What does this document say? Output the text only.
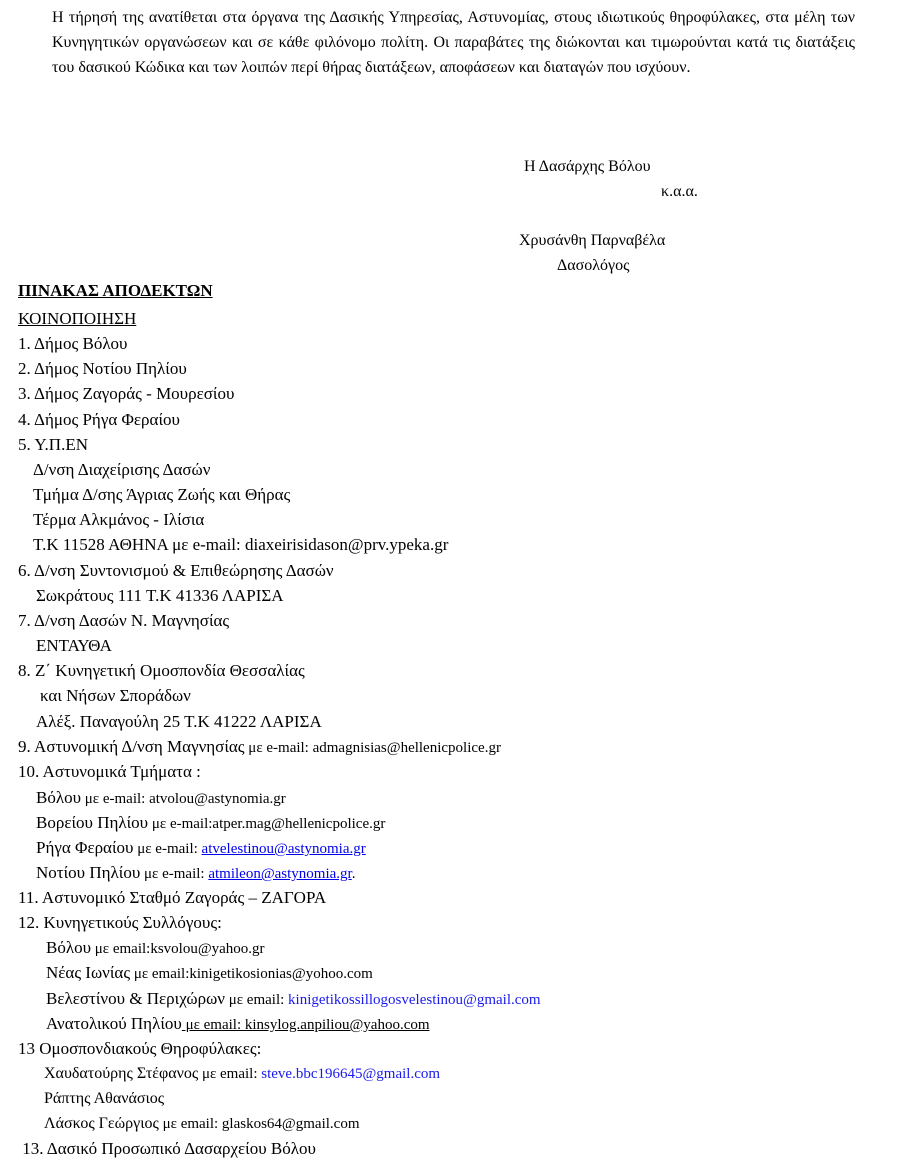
Η τήρησή της ανατίθεται στα όργανα της Δασικής Υπηρεσίας, Αστυνομίας, στους ιδιωτικούς θηροφύλακες, στα μέλη των Κυνηγητικών οργανώσεων και σε κάθε φιλόνομο πολίτη. Οι παραβάτες της διώκονται και τιμωρούνται κατά τις διατάξεις του δασικού Κώδικα και των λοιπών περί θήρας διατάξεων, αποφάσεων και διαταγών που ισχύουν.

Η Δασάρχης Βόλου
κ.α.α.
Χρυσάνθη Παρναβέλα
Δασολόγος
ΠΙΝΑΚΑΣ ΑΠΟΔΕΚΤΩΝ
ΚΟΙΝΟΠΟΙΗΣΗ
1. Δήμος Βόλου
2. Δήμος Νοτίου Πηλίου
3. Δήμος Ζαγοράς - Μουρεσίου
4. Δήμος Ρήγα Φεραίου
5. Υ.Π.ΕΝ
Δ/νση Διαχείρισης Δασών
Τμήμα Δ/σης Άγριας Ζωής και Θήρας
Τέρμα Αλκμάνος - Ιλίσια
Τ.Κ 11528 ΑΘΗΝΑ με e-mail: diaxeirisidason@prv.ypeka.gr
6. Δ/νση Συντονισμού & Επιθεώρησης Δασών
Σωκράτους 111 Τ.Κ 41336 ΛΑΡΙΣΑ
7. Δ/νση Δασών Ν. Μαγνησίας
ΕΝΤΑΥΘΑ
8. Ζ΄ Κυνηγετική Ομοσπονδία Θεσσαλίας
και Νήσων Σποράδων
Αλέξ. Παναγούλη 25 Τ.Κ 41222 ΛΑΡΙΣΑ
9. Αστυνομική Δ/νση Μαγνησίας με e-mail: admagnisias@hellenicpolice.gr
10. Αστυνομικά Τμήματα :
Βόλου με e-mail: atvolou@astynomia.gr
Βορείου Πηλίου με e-mail:atper.mag@hellenicpolice.gr
Ρήγα Φεραίου με e-mail: atvelestinou@astynomia.gr
Νοτίου Πηλίου με e-mail: atmileon@astynomia.gr.
11. Αστυνομικό Σταθμό Ζαγοράς – ΖΑΓΟΡΑ
12. Κυνηγετικούς Συλλόγους:
Βόλου με email:ksvolou@yahoo.gr
Νέας Ιωνίας με email:kinigetikosionias@yohoo.com
Βελεστίνου & Περιχώρων με email: kinigetikossillogosvelestinou@gmail.com
Ανατολικού Πηλίου με email: kinsylog.anpiliou@yahoo.com
13 Ομοσπονδιακούς Θηροφύλακες:
Χαυδατούρης Στέφανος με email: steve.bbc196645@gmail.com
Ράπτης Αθανάσιος
Λάσκος Γεώργιος με email: glaskos64@gmail.com
13. Δασικό Προσωπικό Δασαρχείου Βόλου
